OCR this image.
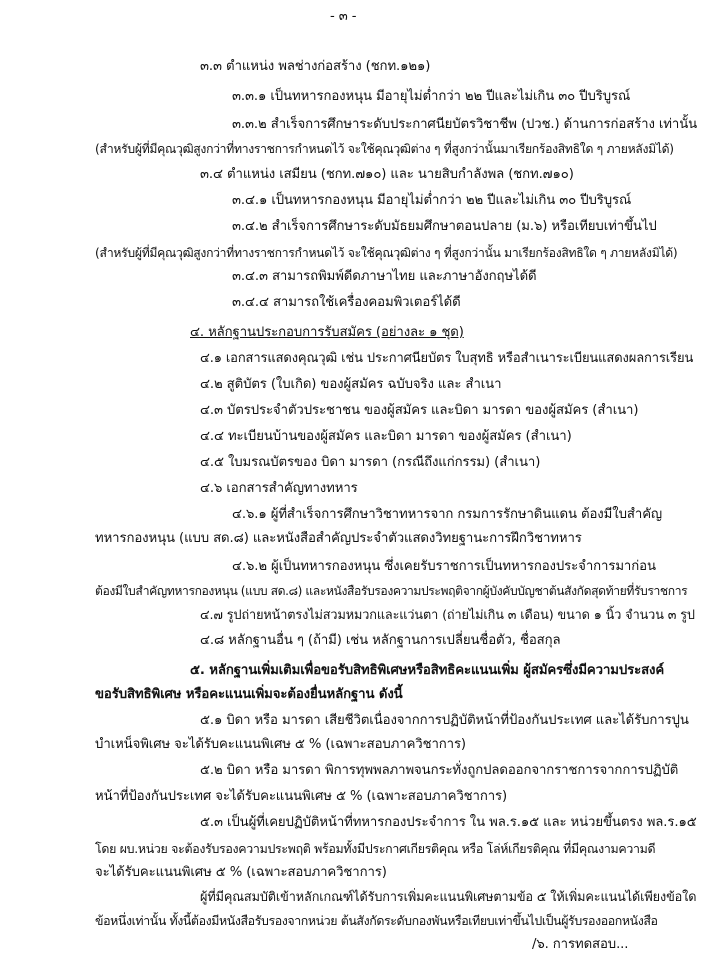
- ๓ -
๓.๓ ตำแหน่ง พลช่างก่อสร้าง (ชกท.๑๒๑)
๓.๓.๑ เป็นทหารกองหนุน มีอายุไม่ต่ำกว่า ๒๒ ปีและไม่เกิน ๓๐ ปีบริบูรณ์
๓.๓.๒ สำเร็จการศึกษาระดับประกาศนียบัตรวิชาชีพ (ปวช.) ด้านการก่อสร้าง เท่านั้น
(สำหรับผู้ที่มีคุณวุฒิสูงกว่าที่ทางราชการกำหนดไว้ จะใช้คุณวุฒิต่าง ๆ ที่สูงกว่านั้นมาเรียกร้องสิทธิใด ๆ ภายหลังมิได้)
๓.๔ ตำแหน่ง เสมียน (ชกท.๗๑๐) และ นายสิบกำลังพล (ชกท.๗๑๐)
๓.๔.๑ เป็นทหารกองหนุน มีอายุไม่ต่ำกว่า ๒๒ ปีและไม่เกิน ๓๐ ปีบริบูรณ์
๓.๔.๒ สำเร็จการศึกษาระดับมัธยมศึกษาตอนปลาย (ม.๖) หรือเทียบเท่าขึ้นไป
(สำหรับผู้ที่มีคุณวุฒิสูงกว่าที่ทางราชการกำหนดไว้ จะใช้คุณวุฒิต่าง ๆ ที่สูงกว่านั้น มาเรียกร้องสิทธิใด ๆ ภายหลังมิได้)
๓.๔.๓ สามารถพิมพ์ดีดภาษาไทย และภาษาอังกฤษได้ดี
๓.๔.๔ สามารถใช้เครื่องคอมพิวเตอร์ได้ดี
๔. หลักฐานประกอบการรับสมัคร (อย่างละ ๑ ชุด)
๔.๑ เอกสารแสดงคุณวุฒิ เช่น ประกาศนียบัตร ใบสุทธิ หรือสำเนาระเบียนแสดงผลการเรียน
๔.๒ สูติบัตร (ใบเกิด) ของผู้สมัคร ฉบับจริง และ สำเนา
๔.๓ บัตรประจำตัวประชาชน ของผู้สมัคร และบิดา มารดา ของผู้สมัคร (สำเนา)
๔.๔ ทะเบียนบ้านของผู้สมัคร และบิดา มารดา ของผู้สมัคร (สำเนา)
๔.๕ ใบมรณบัตรของ บิดา มารดา (กรณีถึงแก่กรรม) (สำเนา)
๔.๖ เอกสารสำคัญทางทหาร
๔.๖.๑ ผู้ที่สำเร็จการศึกษาวิชาทหารจาก กรมการรักษาดินแดน ต้องมีใบสำคัญ
ทหารกองหนุน (แบบ สด.๘) และหนังสือสำคัญประจำตัวแสดงวิทยฐานะการฝึกวิชาทหาร
๔.๖.๒ ผู้เป็นทหารกองหนุน ซึ่งเคยรับราชการเป็นทหารกองประจำการมาก่อน
ต้องมีใบสำคัญทหารกองหนุน (แบบ สด.๘) และหนังสือรับรองความประพฤติจากผู้บังคับบัญชาต้นสังกัดสุดท้ายที่รับราชการ
๔.๗ รูปถ่ายหน้าตรงไม่สวมหมวกและแว่นตา (ถ่ายไม่เกิน ๓ เดือน) ขนาด ๑ นิ้ว จำนวน ๓ รูป
๔.๘ หลักฐานอื่น ๆ (ถ้ามี) เช่น หลักฐานการเปลี่ยนชื่อตัว, ชื่อสกุล
๕. หลักฐานเพิ่มเติมเพื่อขอรับสิทธิพิเศษหรือสิทธิคะแนนเพิ่ม ผู้สมัครซึ่งมีความประสงค์
ขอรับสิทธิพิเศษ หรือคะแนนเพิ่มจะต้องยื่นหลักฐาน ดังนี้
๕.๑ บิดา หรือ มารดา เสียชีวิตเนื่องจากการปฏิบัติหน้าที่ป้องกันประเทศ และได้รับการปูน
บำเหน็จพิเศษ จะได้รับคะแนนพิเศษ ๕ % (เฉพาะสอบภาควิชาการ)
๕.๒ บิดา หรือ มารดา พิการทุพพลภาพจนกระทั่งถูกปลดออกจากราชการจากการปฏิบัติ
หน้าที่ป้องกันประเทศ จะได้รับคะแนนพิเศษ ๕ % (เฉพาะสอบภาควิชาการ)
๕.๓ เป็นผู้ที่เคยปฏิบัติหน้าที่ทหารกองประจำการ ใน พล.ร.๑๕ และ หน่วยขึ้นตรง พล.ร.๑๕
โดย ผบ.หน่วย จะต้องรับรองความประพฤติ พร้อมทั้งมีประกาศเกียรติคุณ หรือ โล่ห์เกียรติคุณ ที่มีคุณงามความดี
จะได้รับคะแนนพิเศษ ๕ % (เฉพาะสอบภาควิชาการ)
ผู้ที่มีคุณสมบัติเข้าหลักเกณฑ์ได้รับการเพิ่มคะแนนพิเศษตามข้อ ๕ ให้เพิ่มคะแนนได้เพียงข้อใด
ข้อหนึ่งเท่านั้น ทั้งนี้ต้องมีหนังสือรับรองจากหน่วย ต้นสังกัดระดับกองพันหรือเทียบเท่าขึ้นไปเป็นผู้รับรองออกหนังสือ
/๖. การทดสอบ...
